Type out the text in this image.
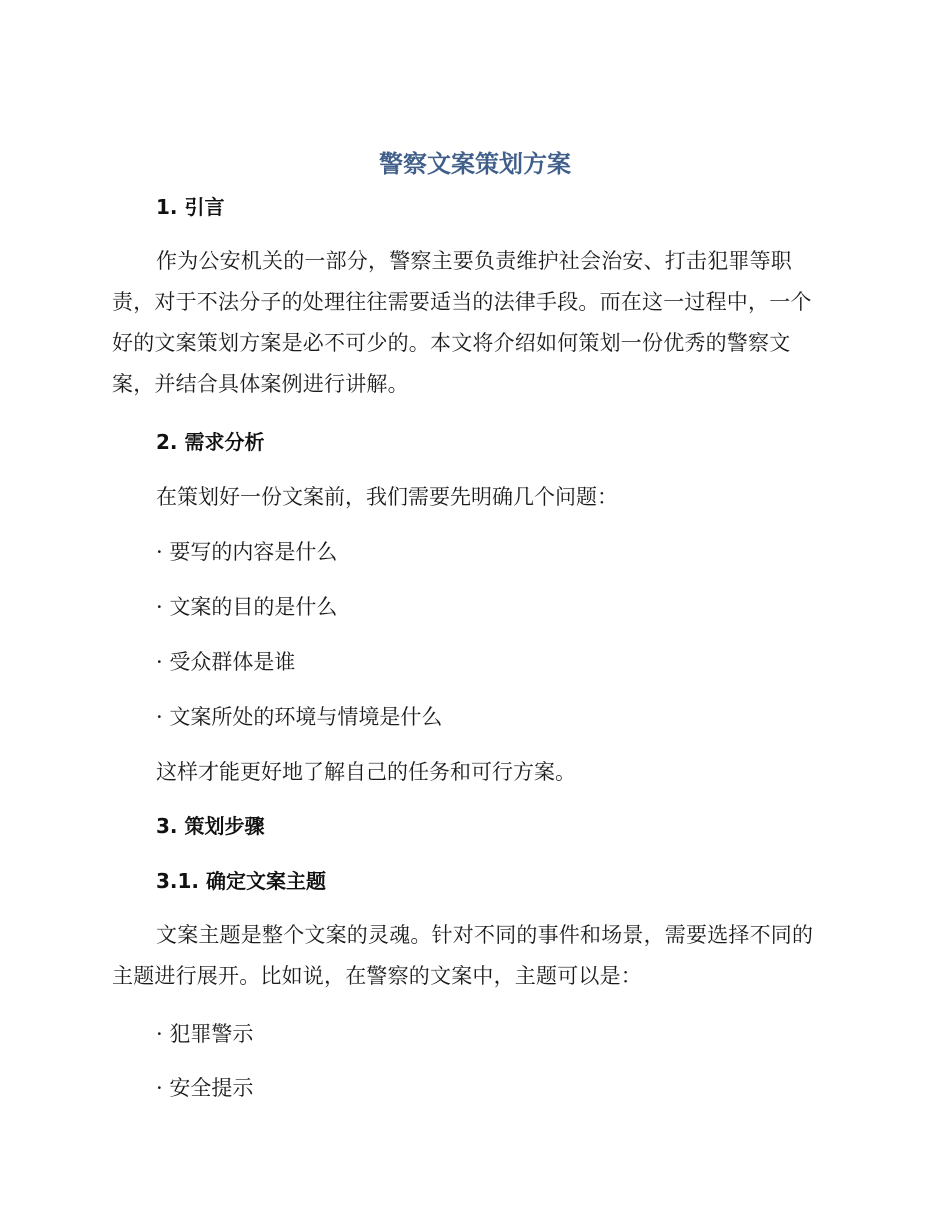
警察文案策划方案
1. 引言

作为公安机关的一部分，警察主要负责维护社会治安、打击犯罪等职责，对于不法分子的处理往往需要适当的法律手段。而在这一过程中，一个好的文案策划方案是必不可少的。本文将介绍如何策划一份优秀的警察文案，并结合具体案例进行讲解。

2. 需求分析

在策划好一份文案前，我们需要先明确几个问题：

· 要写的内容是什么

· 文案的目的是什么

· 受众群体是谁

· 文案所处的环境与情境是什么

这样才能更好地了解自己的任务和可行方案。

3. 策划步骤
3.1. 确定文案主题

文案主题是整个文案的灵魂。针对不同的事件和场景，需要选择不同的主题进行展开。比如说，在警察的文案中，主题可以是：

· 犯罪警示

· 安全提示
